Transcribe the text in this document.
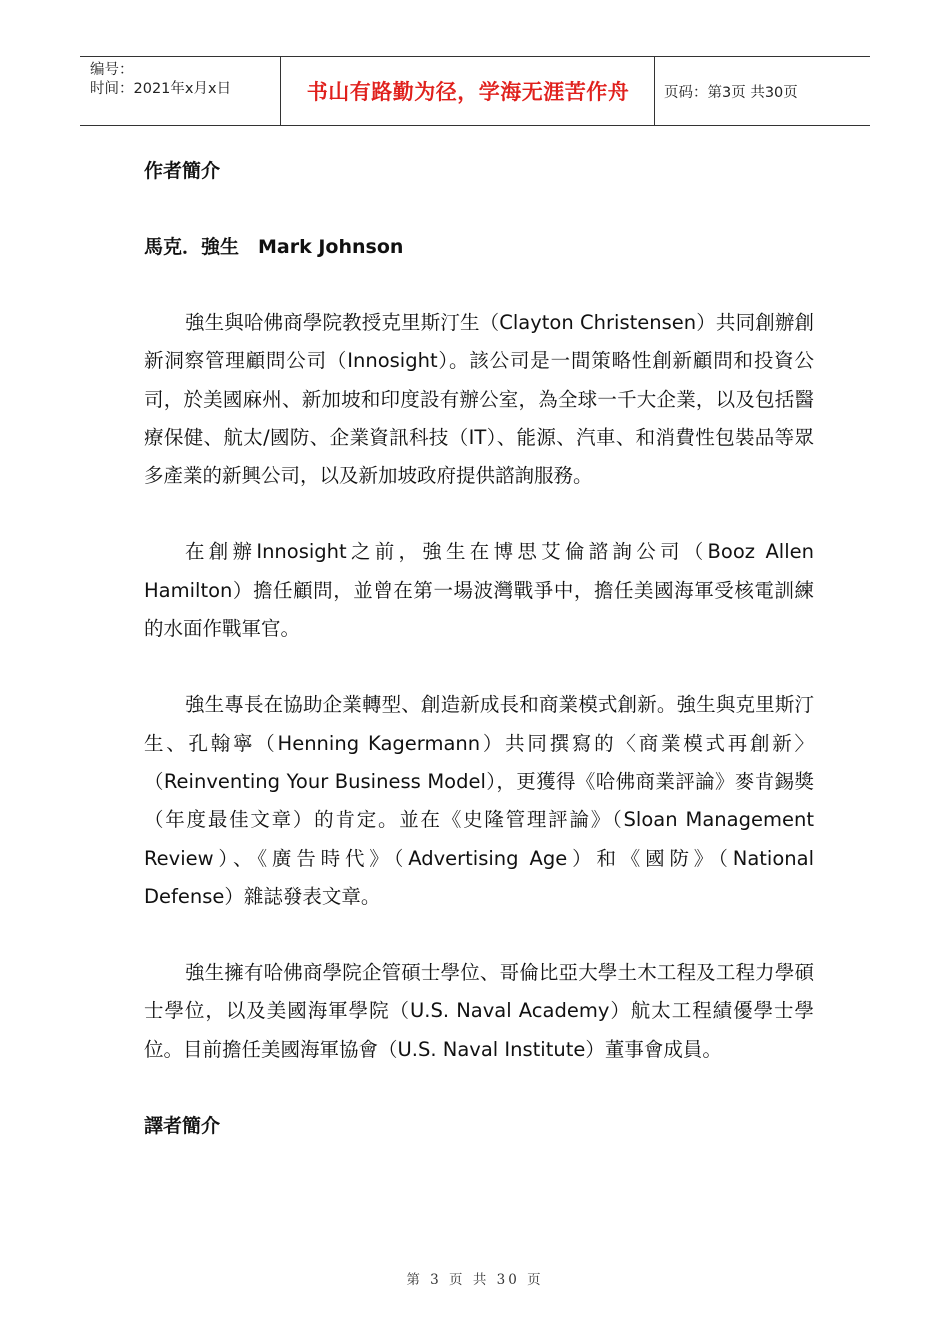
编号：
时间：2021年x月x日	书山有路勤为径，学海无涯苦作舟	页码：第3页 共30页

作者簡介

馬克．強生　Mark Johnson

強生與哈佛商學院教授克里斯汀生（Clayton Christensen）共同創辦創新洞察管理顧問公司（Innosight）。該公司是一間策略性創新顧問和投資公司，於美國麻州、新加坡和印度設有辦公室，為全球一千大企業，以及包括醫療保健、航太/國防、企業資訊科技（IT）、能源、汽車、和消費性包裝品等眾多產業的新興公司，以及新加坡政府提供諮詢服務。

在創辦Innosight之前，強生在博思艾倫諮詢公司（Booz Allen Hamilton）擔任顧問，並曾在第一場波灣戰爭中，擔任美國海軍受核電訓練的水面作戰軍官。

強生專長在協助企業轉型、創造新成長和商業模式創新。強生與克里斯汀生、孔翰寧（Henning Kagermann）共同撰寫的〈商業模式再創新〉（Reinventing Your Business Model），更獲得《哈佛商業評論》麥肯錫獎（年度最佳文章）的肯定。並在《史隆管理評論》（Sloan Management Review）、《廣告時代》（Advertising Age）和《國防》（National Defense）雜誌發表文章。

強生擁有哈佛商學院企管碩士學位、哥倫比亞大學土木工程及工程力學碩士學位，以及美國海軍學院（U.S. Naval Academy）航太工程績優學士學位。目前擔任美國海軍協會（U.S. Naval Institute）董事會成員。

譯者簡介

第 3 页 共 30 页
